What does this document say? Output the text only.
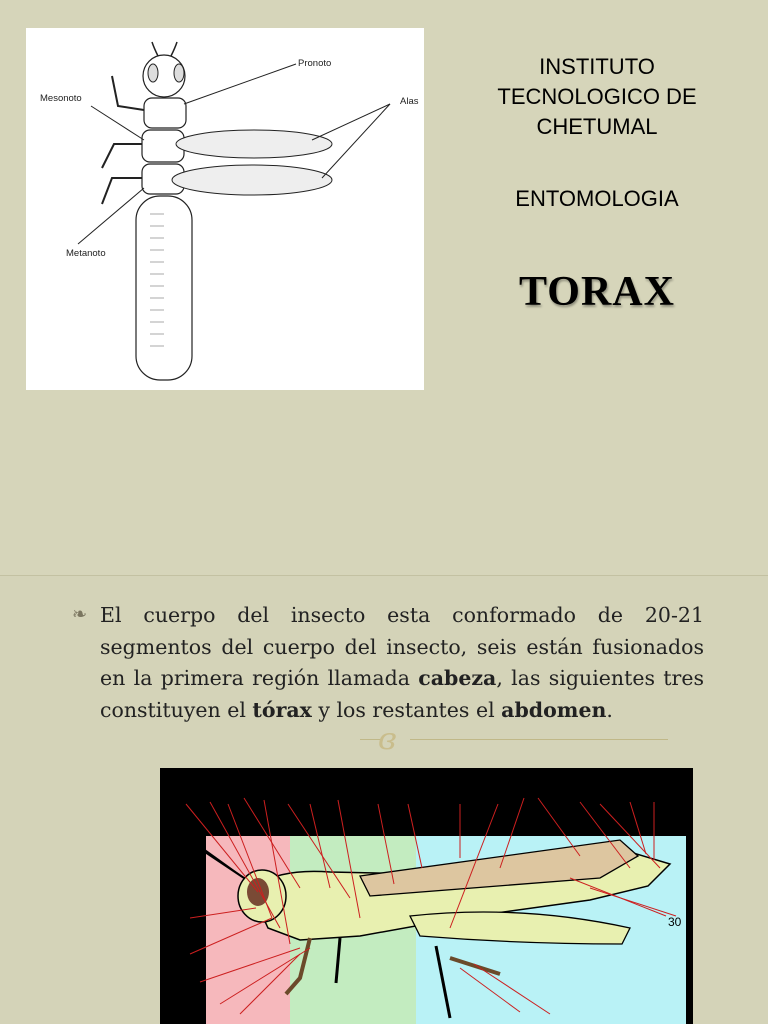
Pronoto
Mesonoto	Alas
Metanoto
INSTITUTO
TECNOLOGICO DE
CHETUMAL
ENTOMOLOGIA
TORAX
❧ El cuerpo del insecto esta conformado de 20-21 segmentos del cuerpo del insecto, seis están fusionados en la primera región llamada cabeza, las siguientes tres constituyen el tórax y los restantes el abdomen.
ɞ
30
